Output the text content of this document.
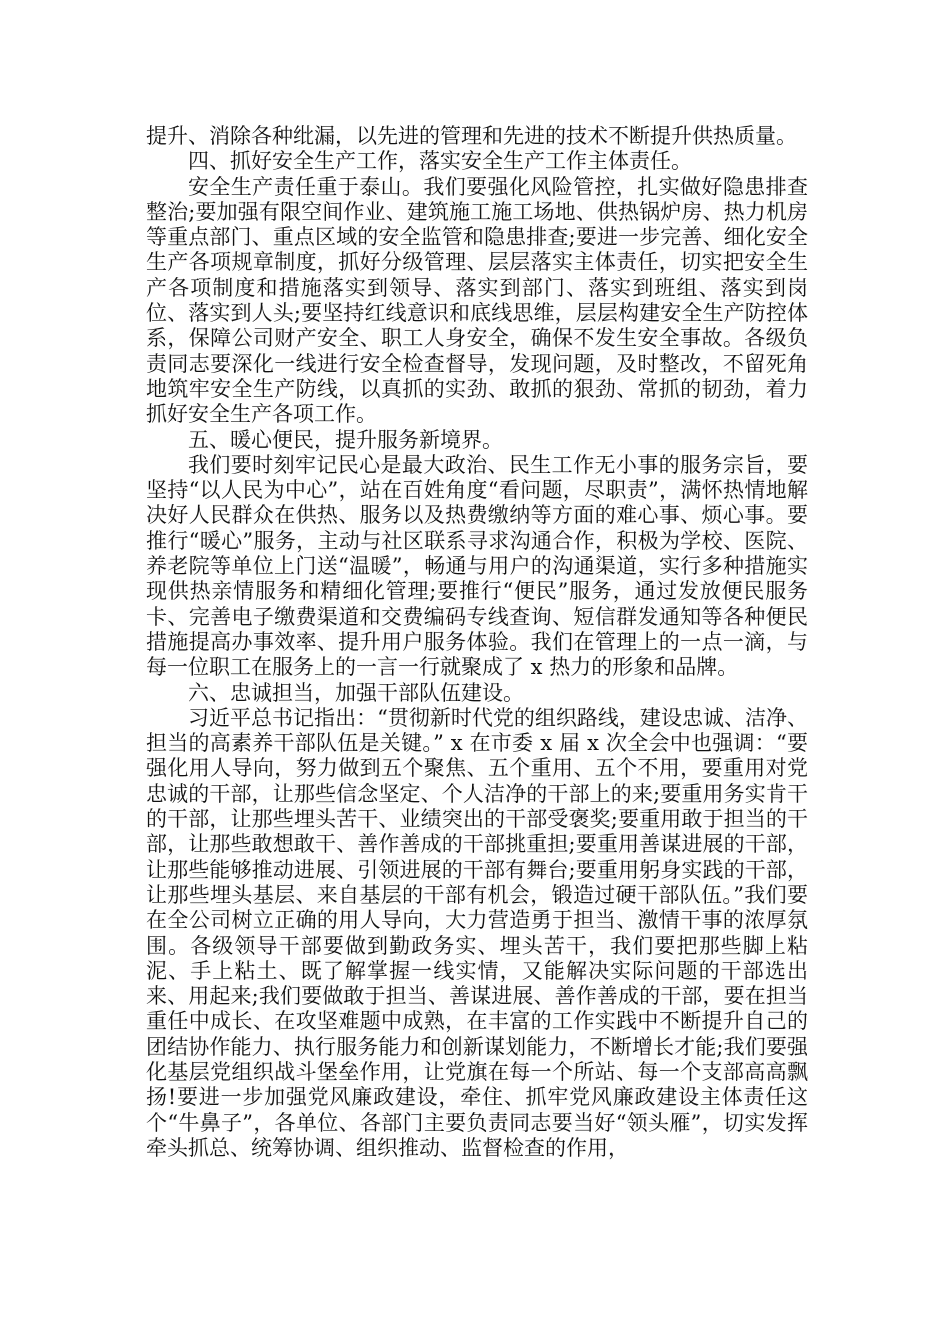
提升、消除各种纰漏，以先进的管理和先进的技术不断提升供热质量。

四、抓好安全生产工作，落实安全生产工作主体责任。

安全生产责任重于泰山。我们要强化风险管控，扎实做好隐患排查整治;要加强有限空间作业、建筑施工施工场地、供热锅炉房、热力机房等重点部门、重点区域的安全监管和隐患排查;要进一步完善、细化安全生产各项规章制度，抓好分级管理、层层落实主体责任，切实把安全生产各项制度和措施落实到领导、落实到部门、落实到班组、落实到岗位、落实到人头;要坚持红线意识和底线思维，层层构建安全生产防控体系，保障公司财产安全、职工人身安全，确保不发生安全事故。各级负责同志要深化一线进行安全检查督导，发现问题，及时整改，不留死角地筑牢安全生产防线，以真抓的实劲、敢抓的狠劲、常抓的韧劲，着力抓好安全生产各项工作。

五、暖心便民，提升服务新境界。

我们要时刻牢记民心是最大政治、民生工作无小事的服务宗旨，要坚持“以人民为中心”，站在百姓角度“看问题，尽职责”，满怀热情地解决好人民群众在供热、服务以及热费缴纳等方面的难心事、烦心事。要推行“暖心”服务，主动与社区联系寻求沟通合作，积极为学校、医院、养老院等单位上门送“温暖”，畅通与用户的沟通渠道，实行多种措施实现供热亲情服务和精细化管理;要推行“便民”服务，通过发放便民服务卡、完善电子缴费渠道和交费编码专线查询、短信群发通知等各种便民措施提高办事效率、提升用户服务体验。我们在管理上的一点一滴，与每一位职工在服务上的一言一行就聚成了 x 热力的形象和品牌。

六、忠诚担当，加强干部队伍建设。

习近平总书记指出：“贯彻新时代党的组织路线，建设忠诚、洁净、担当的高素养干部队伍是关键。” x 在市委 x 届 x 次全会中也强调：“要强化用人导向，努力做到五个聚焦、五个重用、五个不用，要重用对党忠诚的干部，让那些信念坚定、个人洁净的干部上的来;要重用务实肯干的干部，让那些埋头苦干、业绩突出的干部受褒奖;要重用敢于担当的干部，让那些敢想敢干、善作善成的干部挑重担;要重用善谋进展的干部，让那些能够推动进展、引领进展的干部有舞台;要重用躬身实践的干部，让那些埋头基层、来自基层的干部有机会，锻造过硬干部队伍。”我们要在全公司树立正确的用人导向，大力营造勇于担当、激情干事的浓厚氛围。各级领导干部要做到勤政务实、埋头苦干，我们要把那些脚上粘泥、手上粘土、既了解掌握一线实情，又能解决实际问题的干部选出来、用起来;我们要做敢于担当、善谋进展、善作善成的干部，要在担当重任中成长、在攻坚难题中成熟，在丰富的工作实践中不断提升自己的团结协作能力、执行服务能力和创新谋划能力，不断增长才能;我们要强化基层党组织战斗堡垒作用，让党旗在每一个所站、每一个支部高高飘扬!要进一步加强党风廉政建设，牵住、抓牢党风廉政建设主体责任这个“牛鼻子”，各单位、各部门主要负责同志要当好“领头雁”，切实发挥牵头抓总、统筹协调、组织推动、监督检查的作用，
